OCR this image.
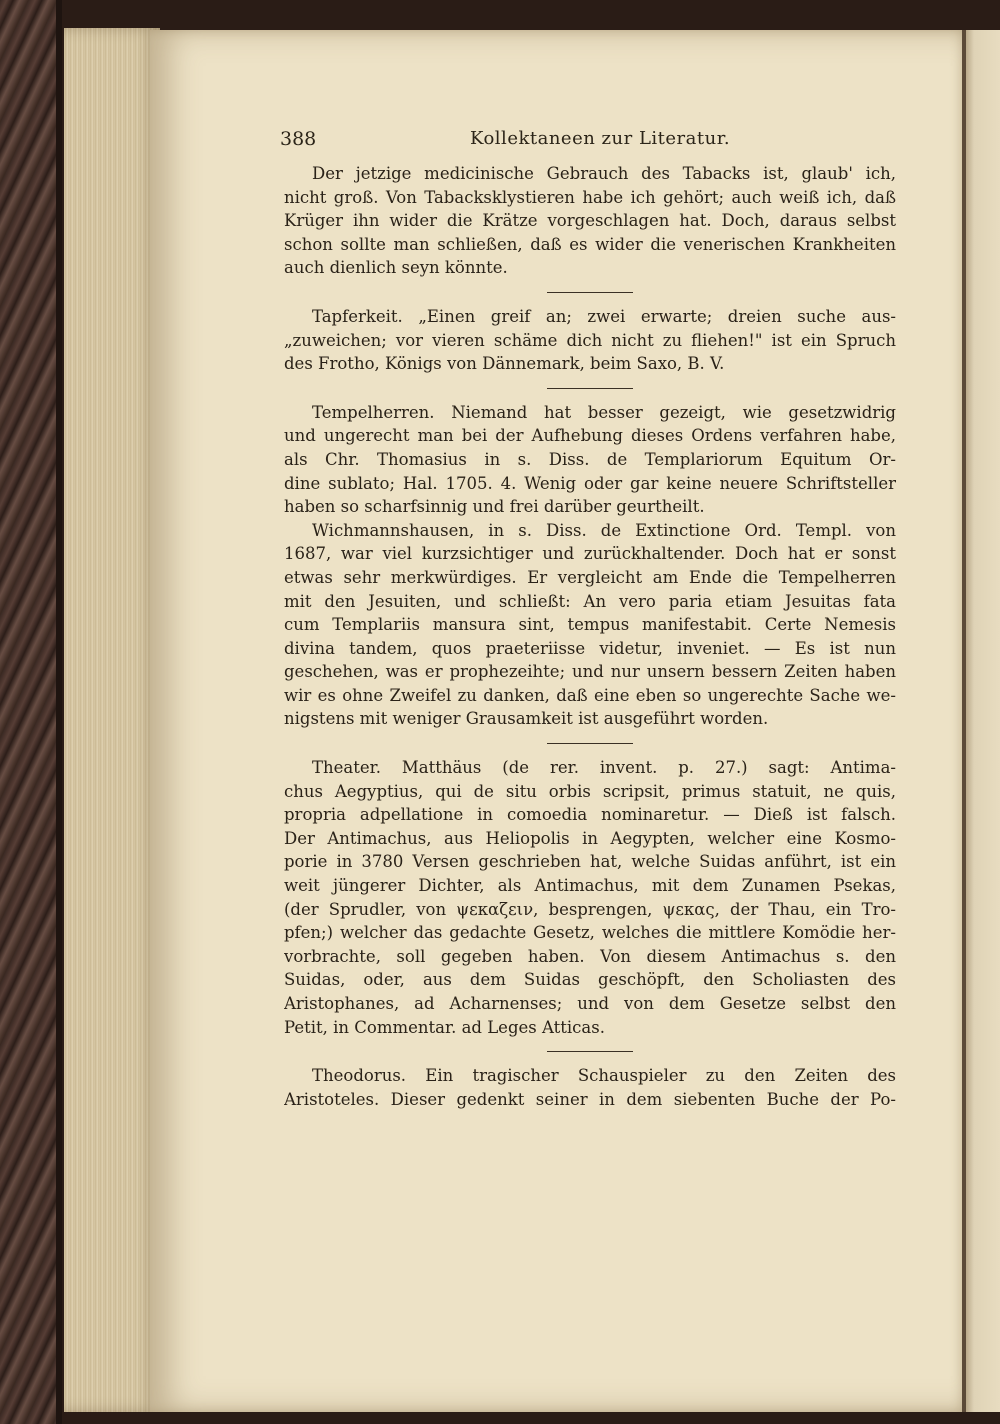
388	Kollektaneen zur Literatur.
Der jetzige medicinische Gebrauch des Tabacks ist, glaub' ich,
nicht groß. Von Tabacksklystieren habe ich gehört; auch weiß ich, daß
Krüger ihn wider die Krätze vorgeschlagen hat. Doch, daraus selbst
schon sollte man schließen, daß es wider die venerischen Krankheiten
auch dienlich seyn könnte.
Tapferkeit. „Einen greif an; zwei erwarte; dreien suche aus-
„zuweichen; vor vieren schäme dich nicht zu fliehen!" ist ein Spruch
des Frotho, Königs von Dännemark, beim Saxo, B. V.
Tempelherren. Niemand hat besser gezeigt, wie gesetzwidrig
und ungerecht man bei der Aufhebung dieses Ordens verfahren habe,
als Chr. Thomasius in s. Diss. de Templariorum Equitum Or-
dine sublato; Hal. 1705. 4. Wenig oder gar keine neuere Schriftsteller
haben so scharfsinnig und frei darüber geurtheilt.
Wichmannshausen, in s. Diss. de Extinctione Ord. Templ. von
1687, war viel kurzsichtiger und zurückhaltender. Doch hat er sonst
etwas sehr merkwürdiges. Er vergleicht am Ende die Tempelherren
mit den Jesuiten, und schließt: An vero paria etiam Jesuitas fata
cum Templariis mansura sint, tempus manifestabit. Certe Nemesis
divina tandem, quos praeteriisse videtur, inveniet. — Es ist nun
geschehen, was er prophezeihte; und nur unsern bessern Zeiten haben
wir es ohne Zweifel zu danken, daß eine eben so ungerechte Sache we-
nigstens mit weniger Grausamkeit ist ausgeführt worden.
Theater. Matthäus (de rer. invent. p. 27.) sagt: Antima-
chus Aegyptius, qui de situ orbis scripsit, primus statuit, ne quis,
propria adpellatione in comoedia nominaretur. — Dieß ist falsch.
Der Antimachus, aus Heliopolis in Aegypten, welcher eine Kosmo-
porie in 3780 Versen geschrieben hat, welche Suidas anführt, ist ein
weit jüngerer Dichter, als Antimachus, mit dem Zunamen Psekas,
(der Sprudler, von ψεκαζειν, besprengen, ψεκας, der Thau, ein Tro-
pfen;) welcher das gedachte Gesetz, welches die mittlere Komödie her-
vorbrachte, soll gegeben haben. Von diesem Antimachus s. den
Suidas, oder, aus dem Suidas geschöpft, den Scholiasten des
Aristophanes, ad Acharnenses; und von dem Gesetze selbst den
Petit, in Commentar. ad Leges Atticas.
Theodorus. Ein tragischer Schauspieler zu den Zeiten des
Aristoteles. Dieser gedenkt seiner in dem siebenten Buche der Po-
